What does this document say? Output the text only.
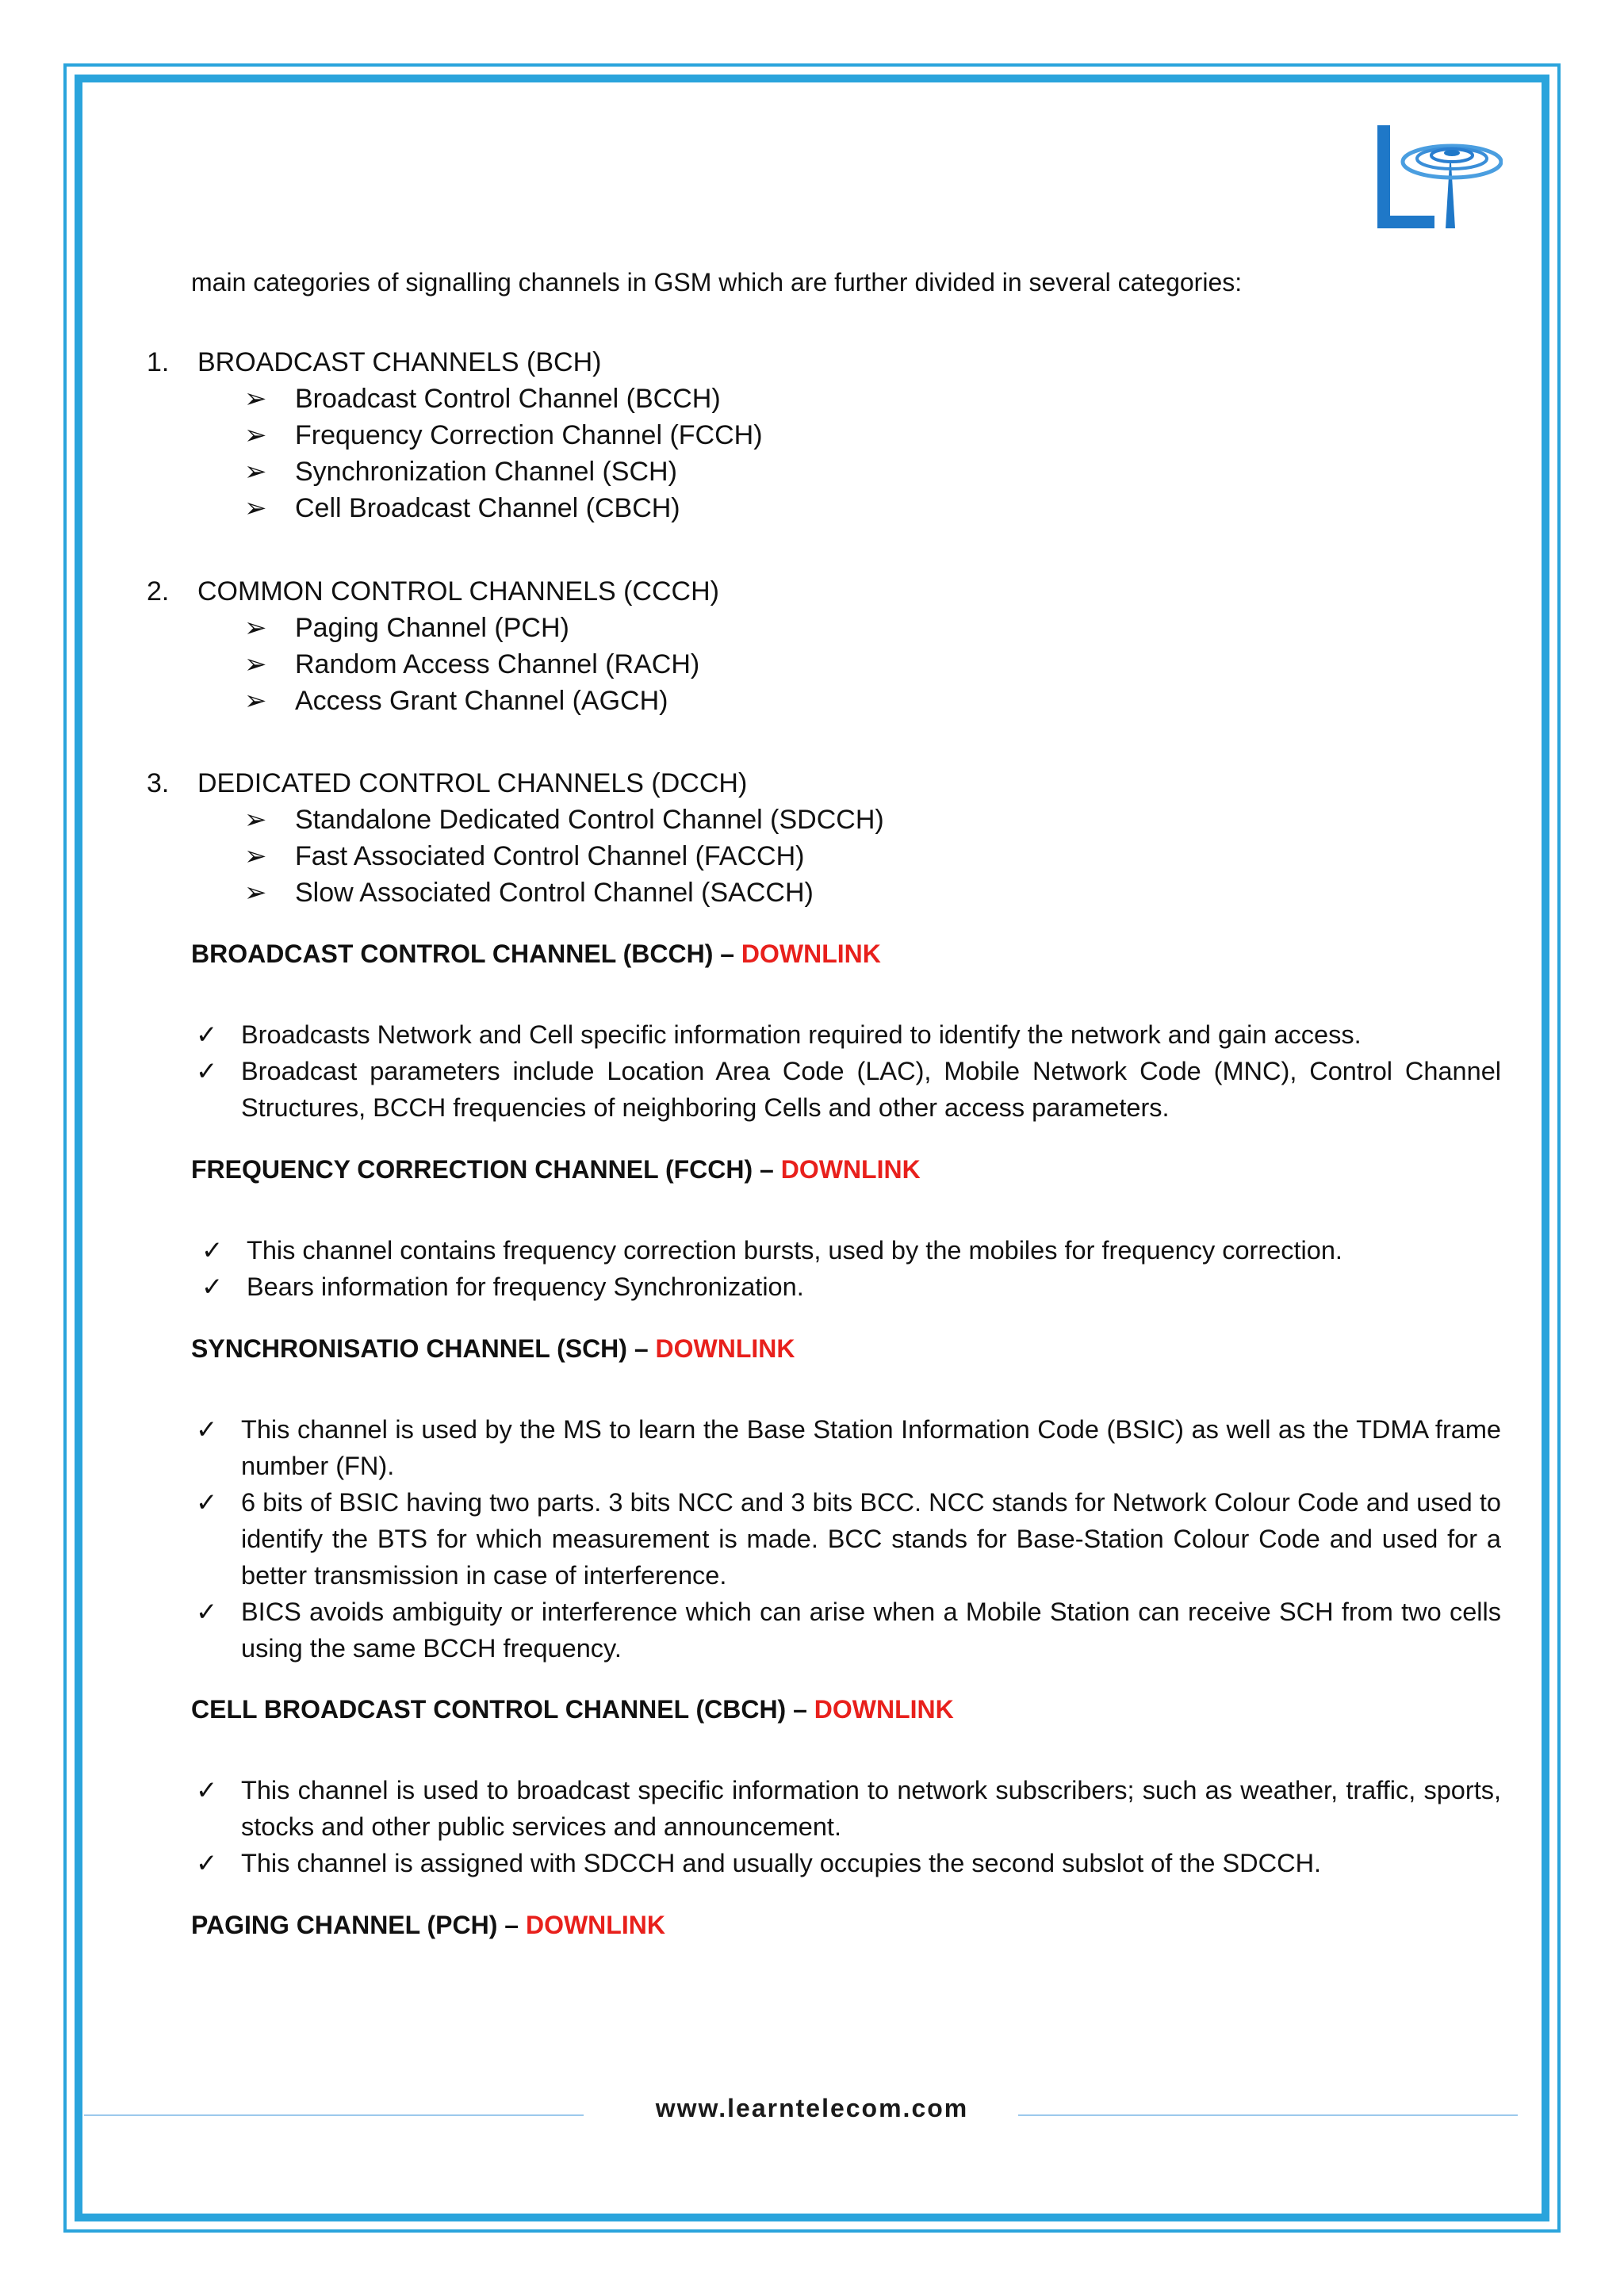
main categories of signalling channels in GSM which are further divided in several categories:
1. BROADCAST CHANNELS (BCH)
➢ Broadcast Control Channel (BCCH)
➢ Frequency Correction Channel (FCCH)
➢ Synchronization Channel (SCH)
➢ Cell Broadcast Channel (CBCH)
2. COMMON CONTROL CHANNELS (CCCH)
➢ Paging Channel (PCH)
➢ Random Access Channel (RACH)
➢ Access Grant Channel (AGCH)
3. DEDICATED CONTROL CHANNELS (DCCH)
➢ Standalone Dedicated Control Channel (SDCCH)
➢ Fast Associated Control Channel (FACCH)
➢ Slow Associated Control Channel (SACCH)
BROADCAST CONTROL CHANNEL (BCCH) – DOWNLINK
✓ Broadcasts Network and Cell specific information required to identify the network and gain access.
✓ Broadcast parameters include Location Area Code (LAC), Mobile Network Code (MNC), Control Channel Structures, BCCH frequencies of neighboring Cells and other access parameters.
FREQUENCY CORRECTION CHANNEL (FCCH) – DOWNLINK
✓ This channel contains frequency correction bursts, used by the mobiles for frequency correction.
✓ Bears information for frequency Synchronization.
SYNCHRONISATIO CHANNEL (SCH) – DOWNLINK
✓ This channel is used by the MS to learn the Base Station Information Code (BSIC) as well as the TDMA frame number (FN).
✓ 6 bits of BSIC having two parts. 3 bits NCC and 3 bits BCC. NCC stands for Network Colour Code and used to identify the BTS for which measurement is made. BCC stands for Base-Station Colour Code and used for a better transmission in case of interference.
✓ BICS avoids ambiguity or interference which can arise when a Mobile Station can receive SCH from two cells using the same BCCH frequency.
CELL BROADCAST CONTROL CHANNEL (CBCH) – DOWNLINK
✓ This channel is used to broadcast specific information to network subscribers; such as weather, traffic, sports, stocks and other public services and announcement.
✓ This channel is assigned with SDCCH and usually occupies the second subslot of the SDCCH.
PAGING CHANNEL (PCH) – DOWNLINK
www.learntelecom.com
